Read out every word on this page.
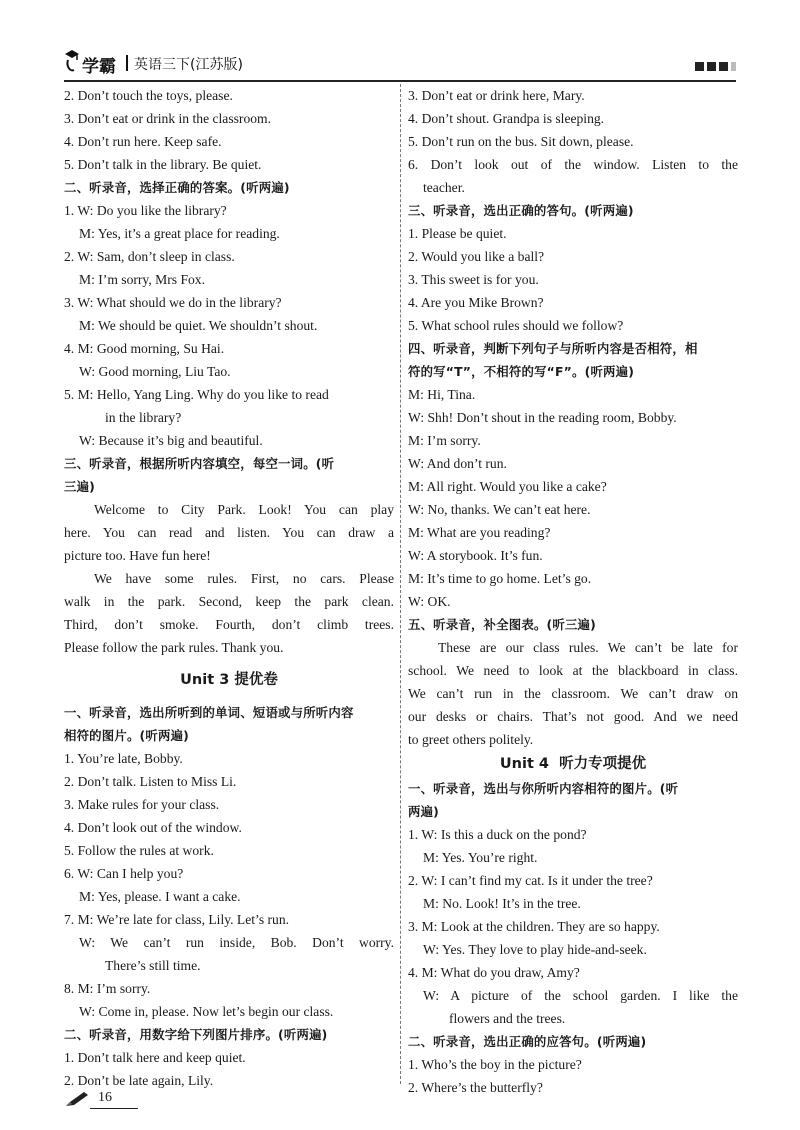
学霸 英语三下(江苏版)
2. Don’t touch the toys, please.
3. Don’t eat or drink in the classroom.
4. Don’t run here. Keep safe.
5. Don’t talk in the library. Be quiet.
二、听录音，选择正确的答案。(听两遍)
1. W: Do you like the library?
M: Yes, it’s a great place for reading.
2. W: Sam, don’t sleep in class.
M: I’m sorry, Mrs Fox.
3. W: What should we do in the library?
M: We should be quiet. We shouldn’t shout.
4. M: Good morning, Su Hai.
W: Good morning, Liu Tao.
5. M: Hello, Yang Ling. Why do you like to read
in the library?
W: Because it’s big and beautiful.
三、听录音，根据所听内容填空，每空一词。(听
三遍)
Welcome to City Park. Look! You can play
here. You can read and listen. You can draw a
picture too. Have fun here!
We have some rules. First, no cars. Please
walk in the park. Second, keep the park clean.
Third, don’t smoke. Fourth, don’t climb trees.
Please follow the park rules. Thank you.
Unit 3 提优卷
一、听录音，选出所听到的单词、短语或与所听内容
相符的图片。(听两遍)
1. You’re late, Bobby.
2. Don’t talk. Listen to Miss Li.
3. Make rules for your class.
4. Don’t look out of the window.
5. Follow the rules at work.
6. W: Can I help you?
M: Yes, please. I want a cake.
7. M: We’re late for class, Lily. Let’s run.
W: We can’t run inside, Bob. Don’t worry.
There’s still time.
8. M: I’m sorry.
W: Come in, please. Now let’s begin our class.
二、听录音，用数字给下列图片排序。(听两遍)
1. Don’t talk here and keep quiet.
2. Don’t be late again, Lily.
3. Don’t eat or drink here, Mary.
4. Don’t shout. Grandpa is sleeping.
5. Don’t run on the bus. Sit down, please.
6. Don’t look out of the window. Listen to the
teacher.
三、听录音，选出正确的答句。(听两遍)
1. Please be quiet.
2. Would you like a ball?
3. This sweet is for you.
4. Are you Mike Brown?
5. What school rules should we follow?
四、听录音，判断下列句子与所听内容是否相符，相
符的写“T”，不相符的写“F”。(听两遍)
M: Hi, Tina.
W: Shh! Don’t shout in the reading room, Bobby.
M: I’m sorry.
W: And don’t run.
M: All right. Would you like a cake?
W: No, thanks. We can’t eat here.
M: What are you reading?
W: A storybook. It’s fun.
M: It’s time to go home. Let’s go.
W: OK.
五、听录音，补全图表。(听三遍)
These are our class rules. We can’t be late for
school. We need to look at the blackboard in class.
We can’t run in the classroom. We can’t draw on
our desks or chairs. That’s not good. And we need
to greet others politely.
Unit 4  听力专项提优
一、听录音，选出与你所听内容相符的图片。(听
两遍)
1. W: Is this a duck on the pond?
M: Yes. You’re right.
2. W: I can’t find my cat. Is it under the tree?
M: No. Look! It’s in the tree.
3. M: Look at the children. They are so happy.
W: Yes. They love to play hide-and-seek.
4. M: What do you draw, Amy?
W: A picture of the school garden. I like the
flowers and the trees.
二、听录音，选出正确的应答句。(听两遍)
1. Who’s the boy in the picture?
2. Where’s the butterfly?
16
